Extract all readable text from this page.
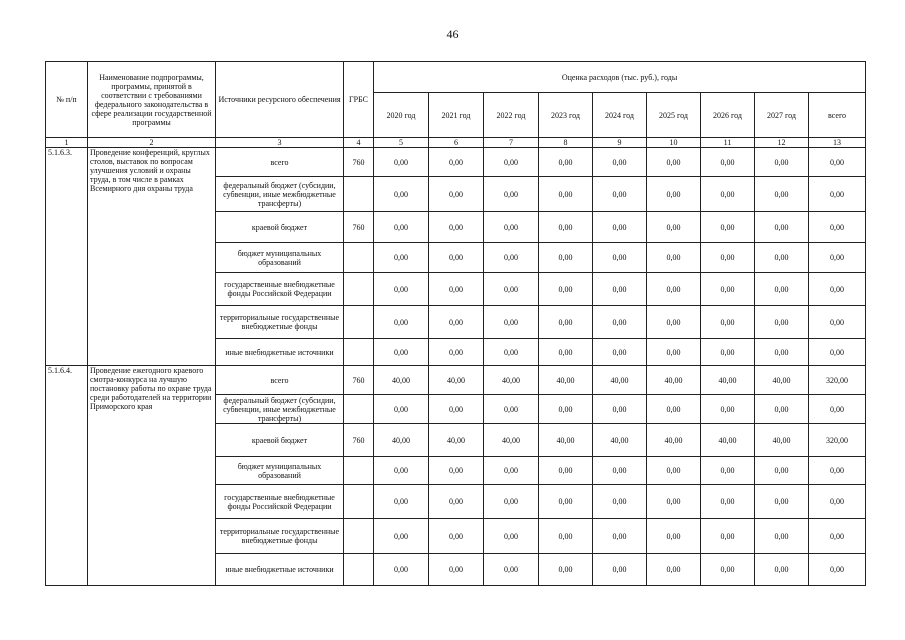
46
№ п/п	Наименование подпрограммы, программы, принятой в соответствии с требованиями федерального законодательства в сфере реализации государственной программы	Источники ресурсного обеспечения	ГРБС	Оценка расходов (тыс. руб.), годы								
				2020 год	2021 год	2022 год	2023 год	2024 год	2025 год	2026 год	2027 год	всего
1	2	3	4	5	6	7	8	9	10	11	12	13
5.1.6.3.	Проведение конференций, круглых столов, выставок по вопросам улучшения условий и охраны труда, в том числе в рамках Всемирного дня охраны труда	всего	760	0,00	0,00	0,00	0,00	0,00	0,00	0,00	0,00	0,00
		федеральный бюджет (субсидии, субвенции, иные межбюджетные трансферты)		0,00	0,00	0,00	0,00	0,00	0,00	0,00	0,00	0,00
		краевой бюджет	760	0,00	0,00	0,00	0,00	0,00	0,00	0,00	0,00	0,00
		бюджет муниципальных образований		0,00	0,00	0,00	0,00	0,00	0,00	0,00	0,00	0,00
		государственные внебюджетные фонды Российской Федерации		0,00	0,00	0,00	0,00	0,00	0,00	0,00	0,00	0,00
		территориальные государственные внебюджетные фонды		0,00	0,00	0,00	0,00	0,00	0,00	0,00	0,00	0,00
		иные внебюджетные источники		0,00	0,00	0,00	0,00	0,00	0,00	0,00	0,00	0,00
5.1.6.4.	Проведение ежегодного краевого смотра-конкурса на лучшую постановку работы по охране труда среди работодателей на территории Приморского края	всего	760	40,00	40,00	40,00	40,00	40,00	40,00	40,00	40,00	320,00
		федеральный бюджет (субсидии, субвенции, иные межбюджетные трансферты)		0,00	0,00	0,00	0,00	0,00	0,00	0,00	0,00	0,00
		краевой бюджет	760	40,00	40,00	40,00	40,00	40,00	40,00	40,00	40,00	320,00
		бюджет муниципальных образований		0,00	0,00	0,00	0,00	0,00	0,00	0,00	0,00	0,00
		государственные внебюджетные фонды Российской Федерации		0,00	0,00	0,00	0,00	0,00	0,00	0,00	0,00	0,00
		территориальные государственные внебюджетные фонды		0,00	0,00	0,00	0,00	0,00	0,00	0,00	0,00	0,00
		иные внебюджетные источники		0,00	0,00	0,00	0,00	0,00	0,00	0,00	0,00	0,00
